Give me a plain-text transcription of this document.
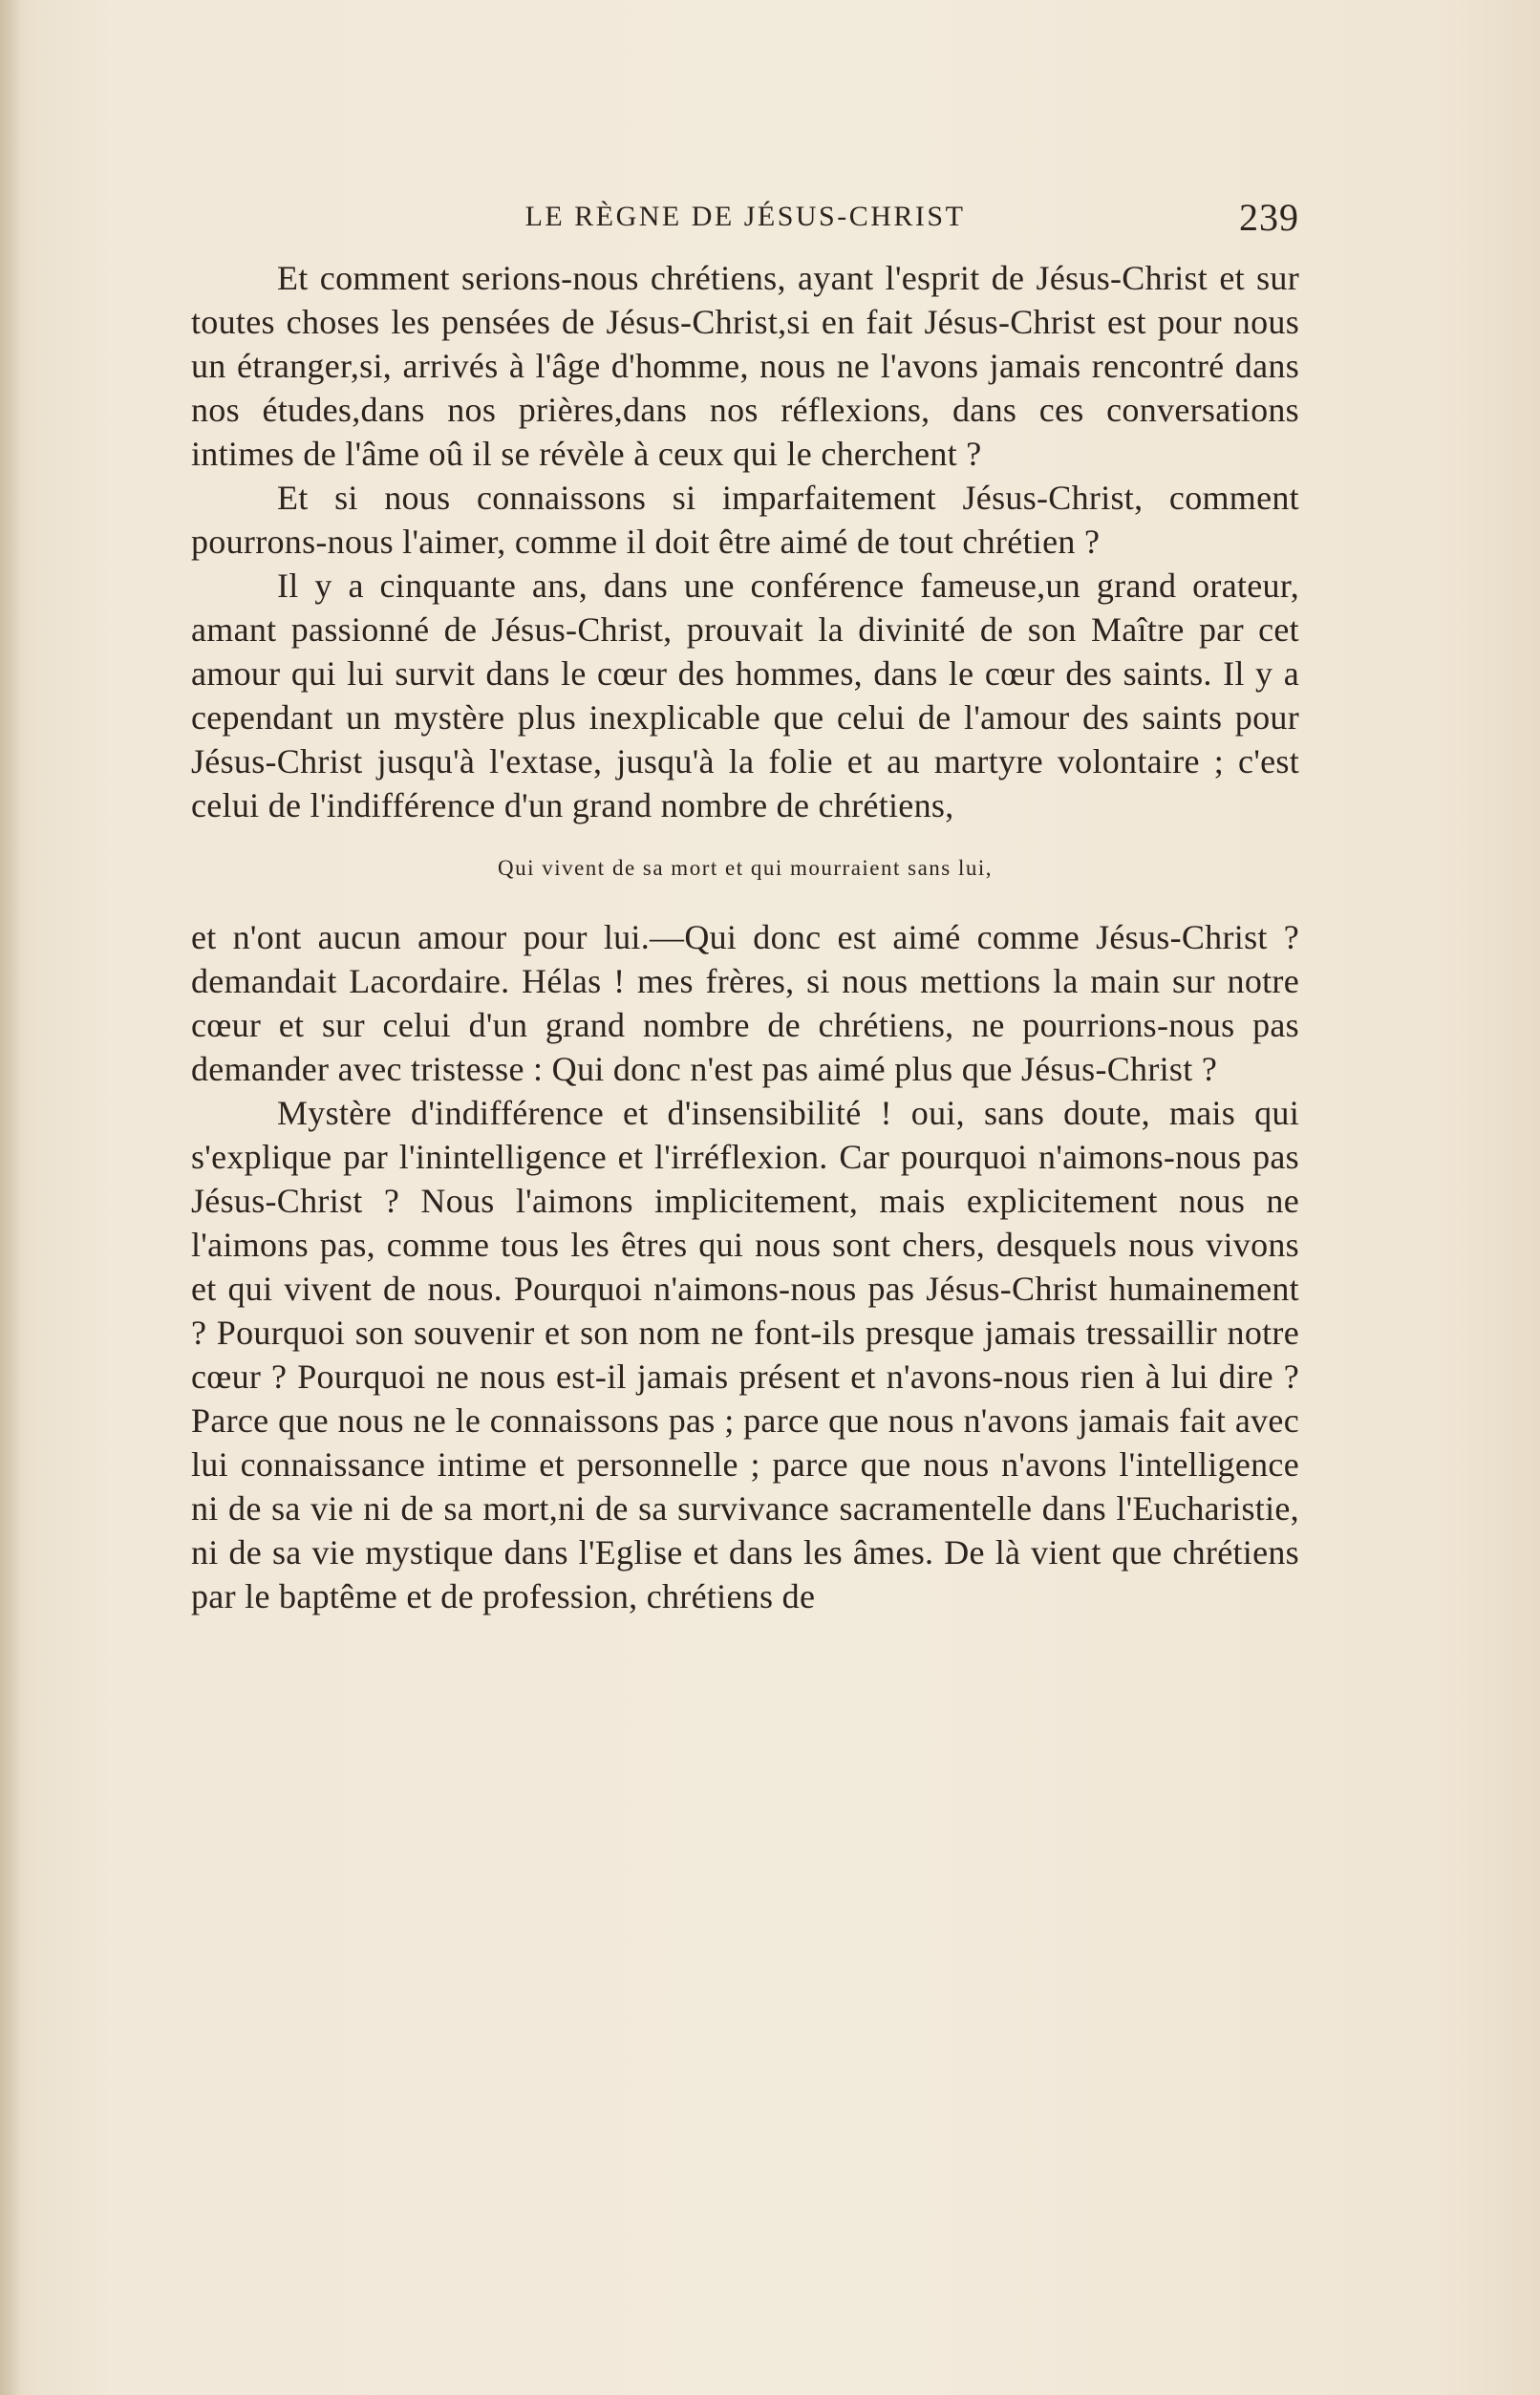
LE RÈGNE DE JÉSUS-CHRIST	239

Et comment serions-nous chrétiens, ayant l'esprit de Jésus-Christ et sur toutes choses les pensées de Jésus-Christ,si en fait Jésus-Christ est pour nous un étranger,si, arrivés à l'âge d'homme, nous ne l'avons jamais rencontré dans nos études,dans nos prières,dans nos réflexions, dans ces conversations intimes de l'âme oû il se révèle à ceux qui le cherchent ?

Et si nous connaissons si imparfaitement Jésus-Christ, comment pourrons-nous l'aimer, comme il doit être aimé de tout chrétien ?

Il y a cinquante ans, dans une conférence fameuse,un grand orateur, amant passionné de Jésus-Christ, prouvait la divinité de son Maître par cet amour qui lui survit dans le cœur des hommes, dans le cœur des saints. Il y a cependant un mystère plus inexplicable que celui de l'amour des saints pour Jésus-Christ jusqu'à l'extase, jusqu'à la folie et au martyre volontaire ; c'est celui de l'indifférence d'un grand nombre de chrétiens,

Qui vivent de sa mort et qui mourraient sans lui,

et n'ont aucun amour pour lui.—Qui donc est aimé comme Jésus-Christ ? demandait Lacordaire. Hélas ! mes frères, si nous mettions la main sur notre cœur et sur celui d'un grand nombre de chrétiens, ne pourrions-nous pas demander avec tristesse : Qui donc n'est pas aimé plus que Jésus-Christ ?

Mystère d'indifférence et d'insensibilité ! oui, sans doute, mais qui s'explique par l'inintelligence et l'irréflexion. Car pourquoi n'aimons-nous pas Jésus-Christ ? Nous l'aimons implicitement, mais explicitement nous ne l'aimons pas, comme tous les êtres qui nous sont chers, desquels nous vivons et qui vivent de nous. Pourquoi n'aimons-nous pas Jésus-Christ humainement ? Pourquoi son souvenir et son nom ne font-ils presque jamais tressaillir notre cœur ? Pourquoi ne nous est-il jamais présent et n'avons-nous rien à lui dire ? Parce que nous ne le connaissons pas ; parce que nous n'avons jamais fait avec lui connaissance intime et personnelle ; parce que nous n'avons l'intelligence ni de sa vie ni de sa mort,ni de sa survivance sacramentelle dans l'Eucharistie, ni de sa vie mystique dans l'Eglise et dans les âmes. De là vient que chrétiens par le baptême et de profession, chrétiens de
